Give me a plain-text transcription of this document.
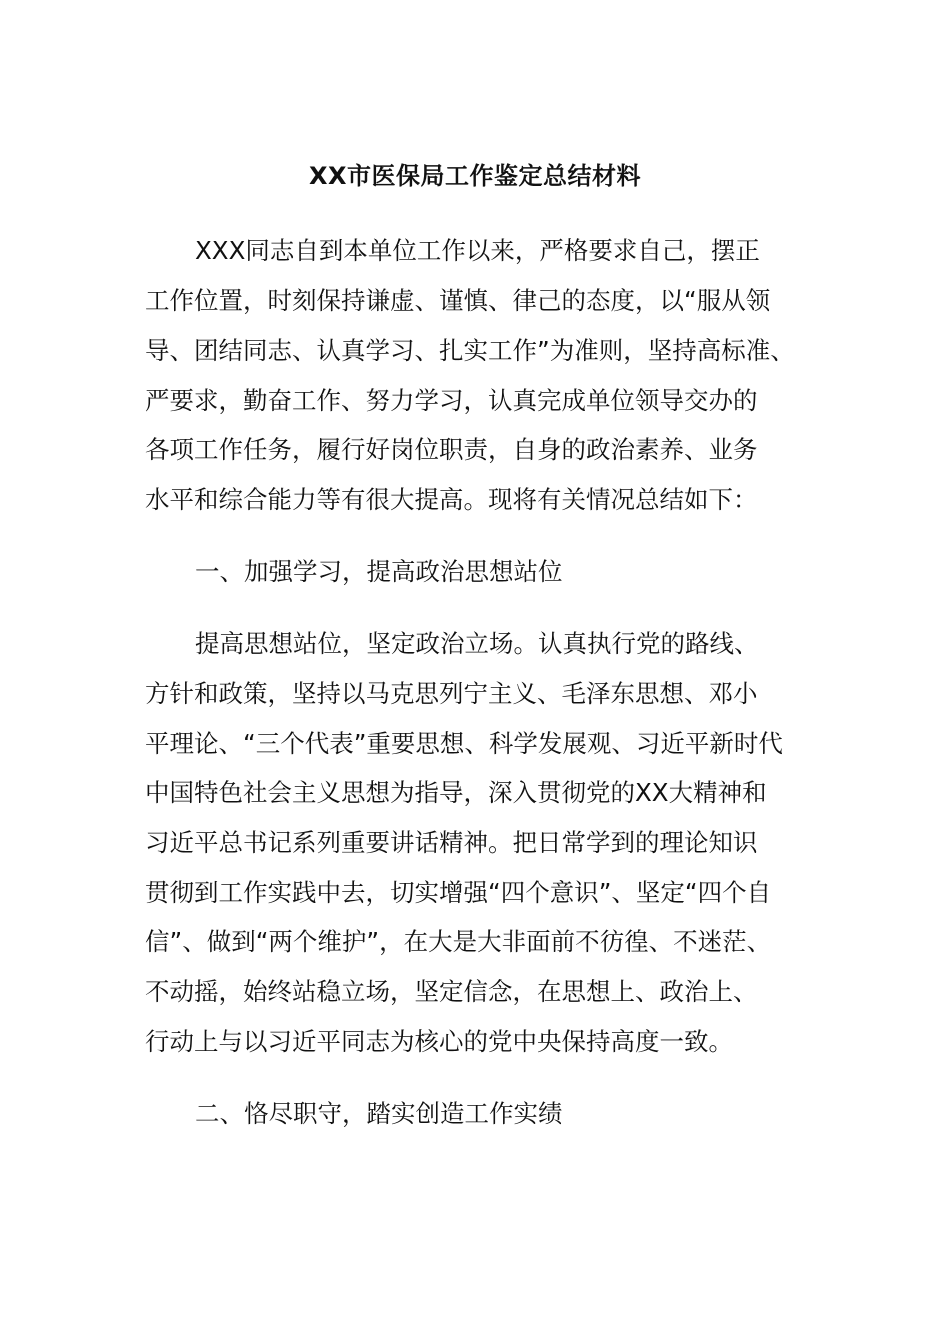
XX市医保局工作鉴定总结材料
XXX同志自到本单位工作以来，严格要求自己，摆正
工作位置，时刻保持谦虚、谨慎、律己的态度，以“服从领
导、团结同志、认真学习、扎实工作”为准则，坚持高标准、
严要求，勤奋工作、努力学习，认真完成单位领导交办的
各项工作任务，履行好岗位职责，自身的政治素养、业务
水平和综合能力等有很大提高。现将有关情况总结如下：
一、加强学习，提高政治思想站位
提高思想站位，坚定政治立场。认真执行党的路线、
方针和政策，坚持以马克思列宁主义、毛泽东思想、邓小
平理论、“三个代表”重要思想、科学发展观、习近平新时代
中国特色社会主义思想为指导，深入贯彻党的XX大精神和
习近平总书记系列重要讲话精神。把日常学到的理论知识
贯彻到工作实践中去，切实增强“四个意识”、坚定“四个自
信”、做到“两个维护”，在大是大非面前不彷徨、不迷茫、
不动摇，始终站稳立场，坚定信念，在思想上、政治上、
行动上与以习近平同志为核心的党中央保持高度一致。
二、恪尽职守，踏实创造工作实绩
